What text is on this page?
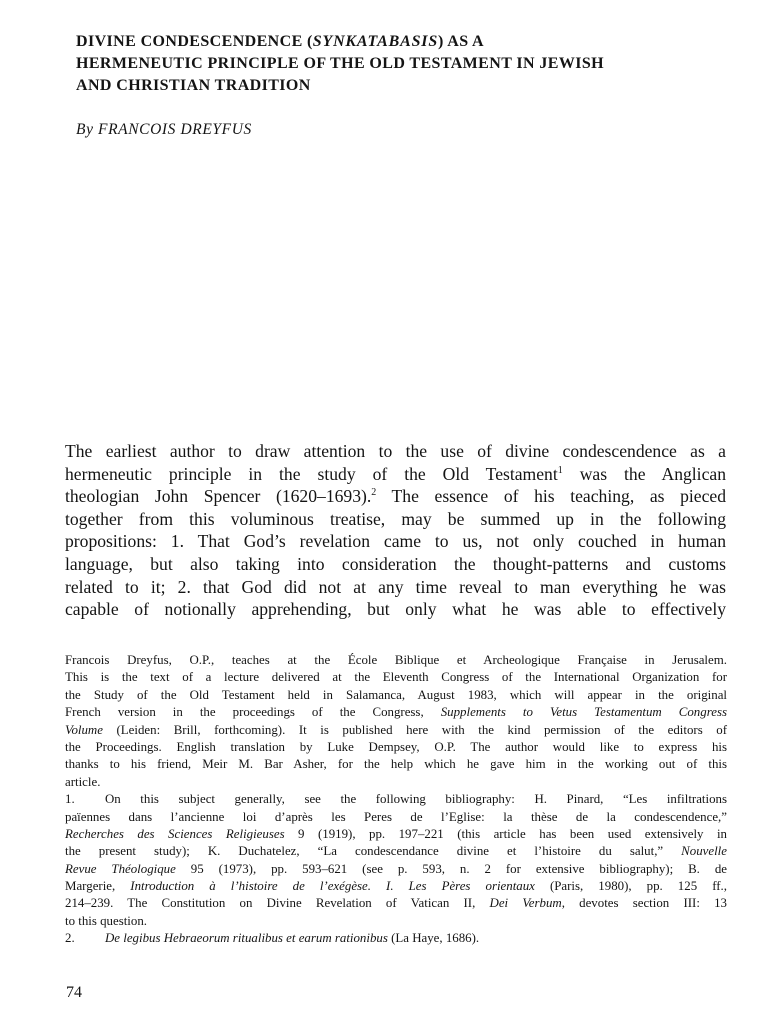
DIVINE CONDESCENDENCE (SYNKATABASIS) AS A
HERMENEUTIC PRINCIPLE OF THE OLD TESTAMENT IN JEWISH
AND CHRISTIAN TRADITION

By FRANCOIS DREYFUS

The earliest author to draw attention to the use of divine condescendence as a
hermeneutic principle in the study of the Old Testament$^1$ was the Anglican
theologian John Spencer (1620–1693).$^2$ The essence of his teaching, as pieced
together from this voluminous treatise, may be summed up in the following
propositions: 1. That God’s revelation came to us, not only couched in human
language, but also taking into consideration the thought-patterns and customs
related to it; 2. that God did not at any time reveal to man everything he was
capable of notionally apprehending, but only what he was able to effectively
Francois Dreyfus, O.P., teaches at the École Biblique et Archeologique Française in Jerusalem.
This is the text of a lecture delivered at the Eleventh Congress of the International Organization for
the Study of the Old Testament held in Salamanca, August 1983, which will appear in the original
French version in the proceedings of the Congress, Supplements to Vetus Testamentum Congress
Volume (Leiden: Brill, forthcoming). It is published here with the kind permission of the editors of
the Proceedings. English translation by Luke Dempsey, O.P. The author would like to express his
thanks to his friend, Meir M. Bar Asher, for the help which he gave him in the working out of this
article.
1. On this subject generally, see the following bibliography: H. Pinard, “Les infiltrations
païennes dans l’ancienne loi d’après les Peres de l’Eglise: la thèse de la condescendence,”
Recherches des Sciences Religieuses 9 (1919), pp. 197–221 (this article has been used extensively in
the present study); K. Duchatelez, “La condescendance divine et l’histoire du salut,” Nouvelle
Revue Théologique 95 (1973), pp. 593–621 (see p. 593, n. 2 for extensive bibliography); B. de
Margerie, Introduction à l’histoire de l’exégèse. I. Les Pères orientaux (Paris, 1980), pp. 125 ff.,
214–239. The Constitution on Divine Revelation of Vatican II, Dei Verbum, devotes section III: 13
to this question.
2. De legibus Hebraeorum ritualibus et earum rationibus (La Haye, 1686).

74
